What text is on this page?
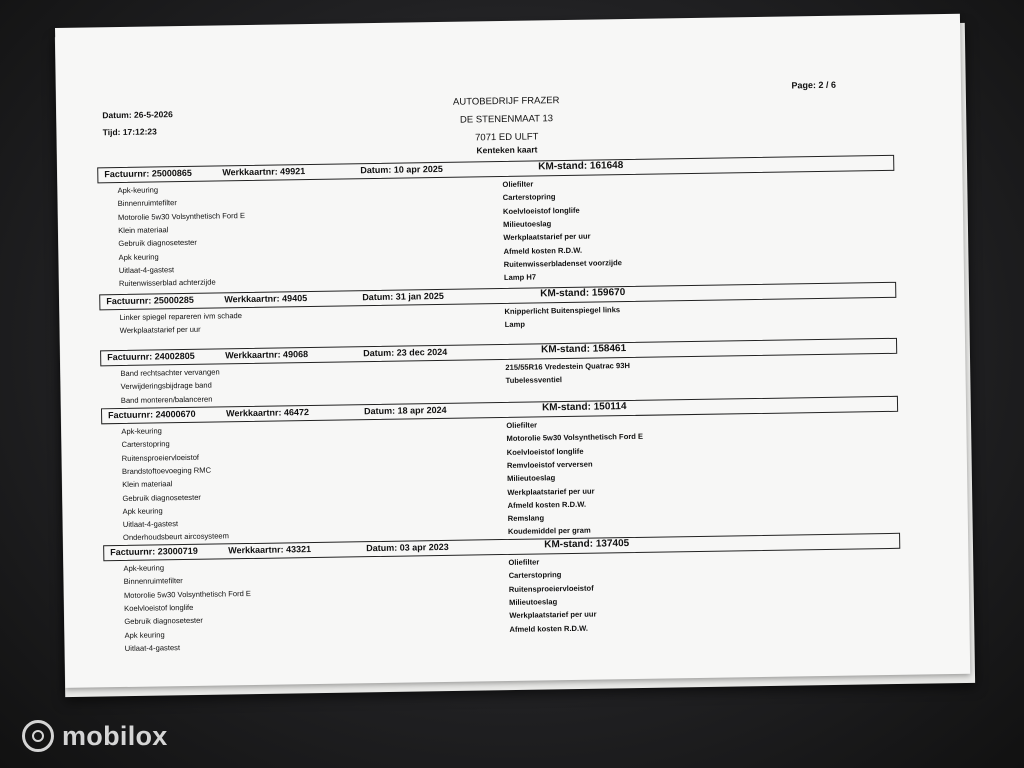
Datum: 26-5-2026
Tijd: 17:12:23
AUTOBEDRIJF FRAZER
DE STENENMAAT 13
7071 ED ULFT
Page: 2 / 6
Kenteken kaart
Factuurnr: 25000865	Werkkaartnr: 49921	Datum: 10 apr 2025	KM-stand: 161648
Apk-keuring
Binnenruimtefilter
Motorolie 5w30 Volsynthetisch Ford E
Klein materiaal
Gebruik diagnosetester
Apk keuring
Uitlaat-4-gastest
Ruitenwisserblad achterzijde
Oliefilter
Carterstopring
Koelvloeistof longlife
Milieutoeslag
Werkplaatstarief per uur
Afmeld kosten R.D.W.
Ruitenwisserbladenset voorzijde
Lamp H7
Factuurnr: 25000285	Werkkaartnr: 49405	Datum: 31 jan 2025	KM-stand: 159670
Linker spiegel repareren ivm schade
Werkplaatstarief per uur
Knipperlicht Buitenspiegel links
Lamp
Factuurnr: 24002805	Werkkaartnr: 49068	Datum: 23 dec 2024	KM-stand: 158461
Band rechtsachter vervangen
Verwijderingsbijdrage band
Band monteren/balanceren
215/55R16 Vredestein Quatrac 93H
Tubelessventiel
Factuurnr: 24000670	Werkkaartnr: 46472	Datum: 18 apr 2024	KM-stand: 150114
Apk-keuring
Carterstopring
Ruitensproeiervloeistof
Brandstoftoevoeging RMC
Klein materiaal
Gebruik diagnosetester
Apk keuring
Uitlaat-4-gastest
Onderhoudsbeurt aircosysteem
Oliefilter
Motorolie 5w30 Volsynthetisch Ford E
Koelvloeistof longlife
Remvloeistof verversen
Milieutoeslag
Werkplaatstarief per uur
Afmeld kosten R.D.W.
Remslang
Koudemiddel per gram
Factuurnr: 23000719	Werkkaartnr: 43321	Datum: 03 apr 2023	KM-stand: 137405
Apk-keuring
Binnenruimtefilter
Motorolie 5w30 Volsynthetisch Ford E
Koelvloeistof longlife
Gebruik diagnosetester
Apk keuring
Uitlaat-4-gastest
Oliefilter
Carterstopring
Ruitensproeiervloeistof
Milieutoeslag
Werkplaatstarief per uur
Afmeld kosten R.D.W.
mobilox
